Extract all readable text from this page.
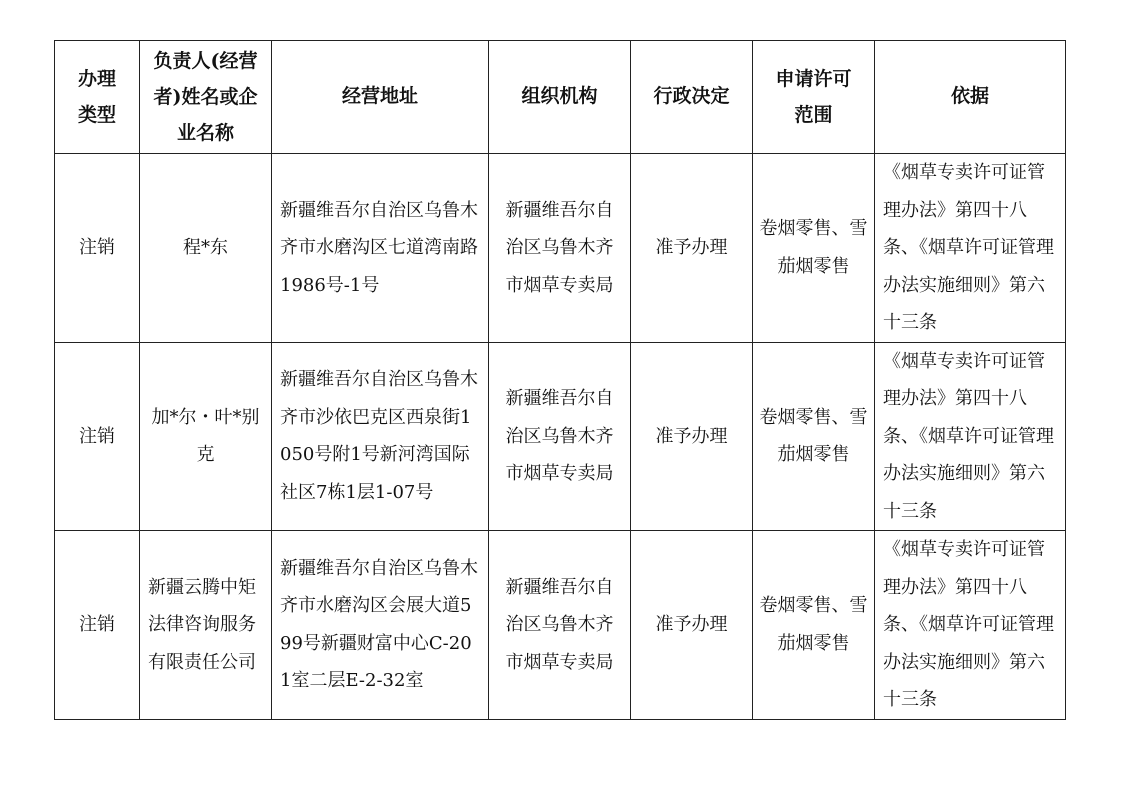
办理类型	负责人(经营者)姓名或企业名称	经营地址	组织机构	行政决定	申请许可范围	依据

注销	程*东	新疆维吾尔自治区乌鲁木齐市水磨沟区七道湾南路1986号-1号	新疆维吾尔自治区乌鲁木齐市烟草专卖局	准予办理	卷烟零售、雪茄烟零售	《烟草专卖许可证管理办法》第四十八条、《烟草许可证管理办法实施细则》第六十三条

注销	加*尔・叶*别克	新疆维吾尔自治区乌鲁木齐市沙依巴克区西泉街1050号附1号新河湾国际社区7栋1层1-07号	新疆维吾尔自治区乌鲁木齐市烟草专卖局	准予办理	卷烟零售、雪茄烟零售	《烟草专卖许可证管理办法》第四十八条、《烟草许可证管理办法实施细则》第六十三条

注销	新疆云腾中矩法律咨询服务有限责任公司	新疆维吾尔自治区乌鲁木齐市水磨沟区会展大道599号新疆财富中心C-201室二层E-2-32室	新疆维吾尔自治区乌鲁木齐市烟草专卖局	准予办理	卷烟零售、雪茄烟零售	《烟草专卖许可证管理办法》第四十八条、《烟草许可证管理办法实施细则》第六十三条
